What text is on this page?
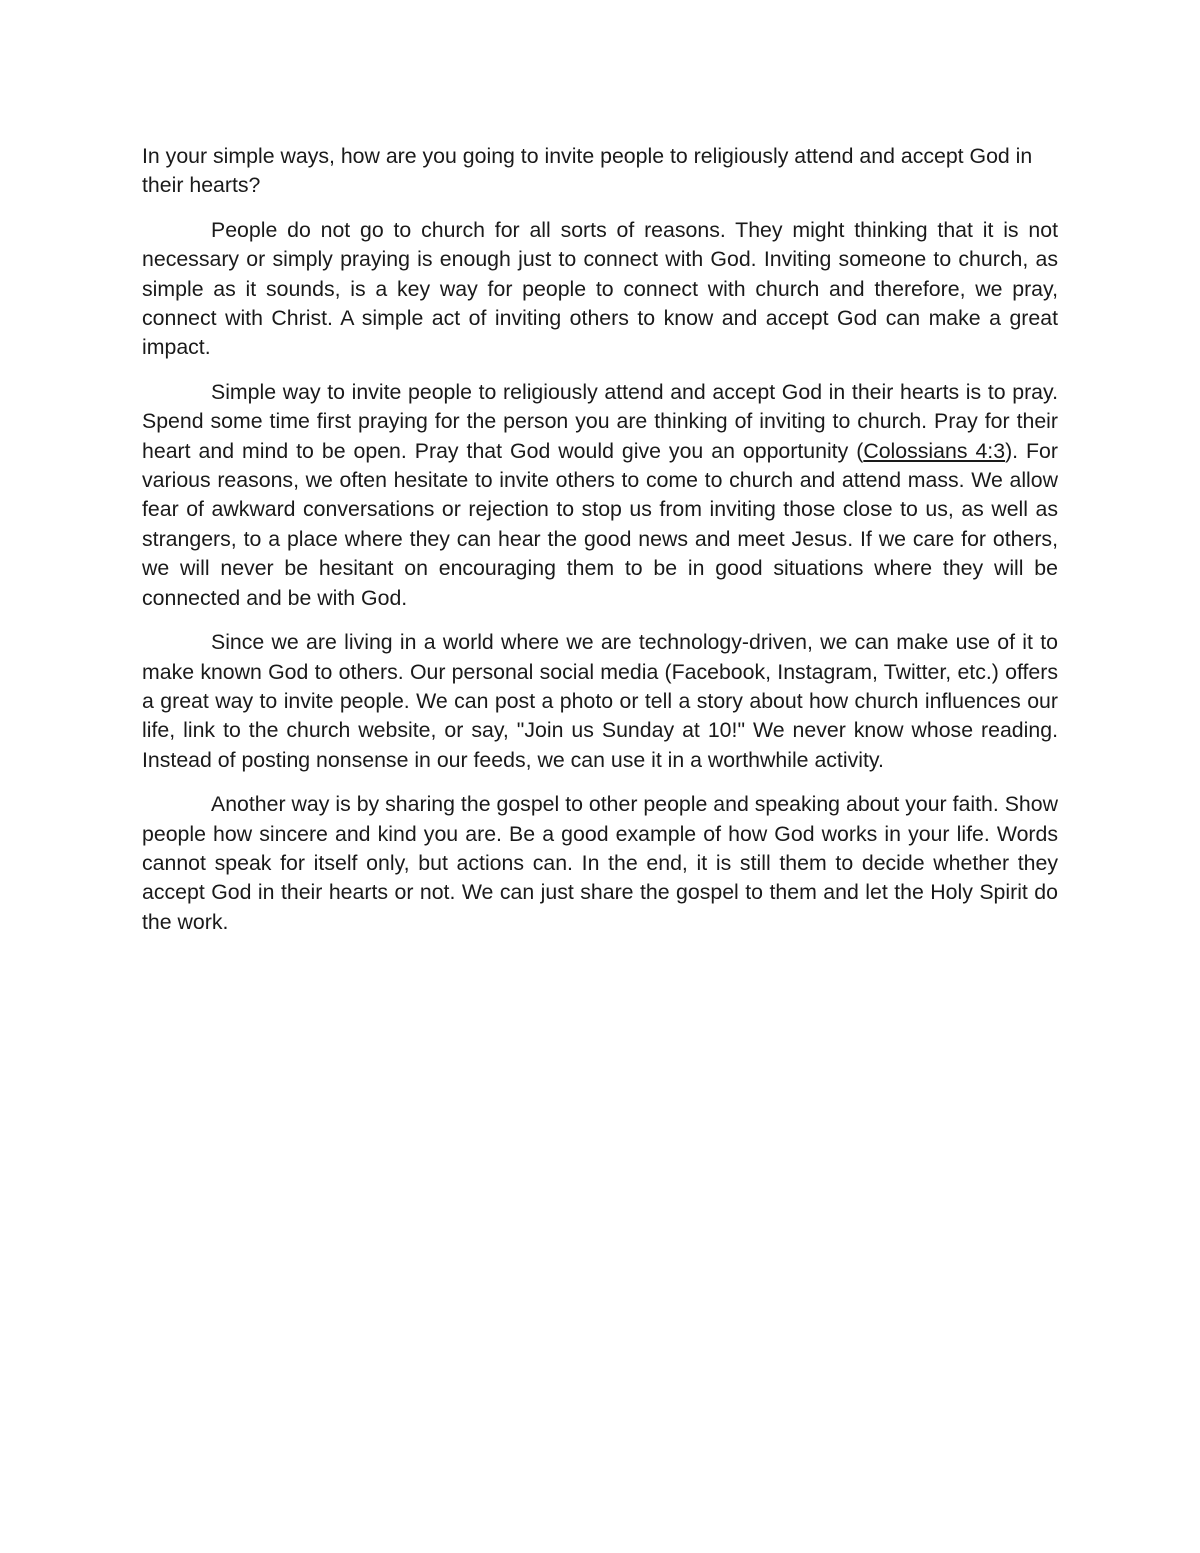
In your simple ways, how are you going to invite people to religiously attend and accept God in their hearts?

People do not go to church for all sorts of reasons. They might thinking that it is not necessary or simply praying is enough just to connect with God. Inviting someone to church, as simple as it sounds, is a key way for people to connect with church and therefore, we pray, connect with Christ. A simple act of inviting others to know and accept God can make a great impact.

Simple way to invite people to religiously attend and accept God in their hearts is to pray. Spend some time first praying for the person you are thinking of inviting to church. Pray for their heart and mind to be open. Pray that God would give you an opportunity (Colossians 4:3). For various reasons, we often hesitate to invite others to come to church and attend mass. We allow fear of awkward conversations or rejection to stop us from inviting those close to us, as well as strangers, to a place where they can hear the good news and meet Jesus. If we care for others, we will never be hesitant on encouraging them to be in good situations where they will be connected and be with God.

Since we are living in a world where we are technology-driven, we can make use of it to make known God to others. Our personal social media (Facebook, Instagram, Twitter, etc.) offers a great way to invite people. We can post a photo or tell a story about how church influences our life, link to the church website, or say, "Join us Sunday at 10!" We never know whose reading. Instead of posting nonsense in our feeds, we can use it in a worthwhile activity.

Another way is by sharing the gospel to other people and speaking about your faith. Show people how sincere and kind you are. Be a good example of how God works in your life. Words cannot speak for itself only, but actions can. In the end, it is still them to decide whether they accept God in their hearts or not. We can just share the gospel to them and let the Holy Spirit do the work.
